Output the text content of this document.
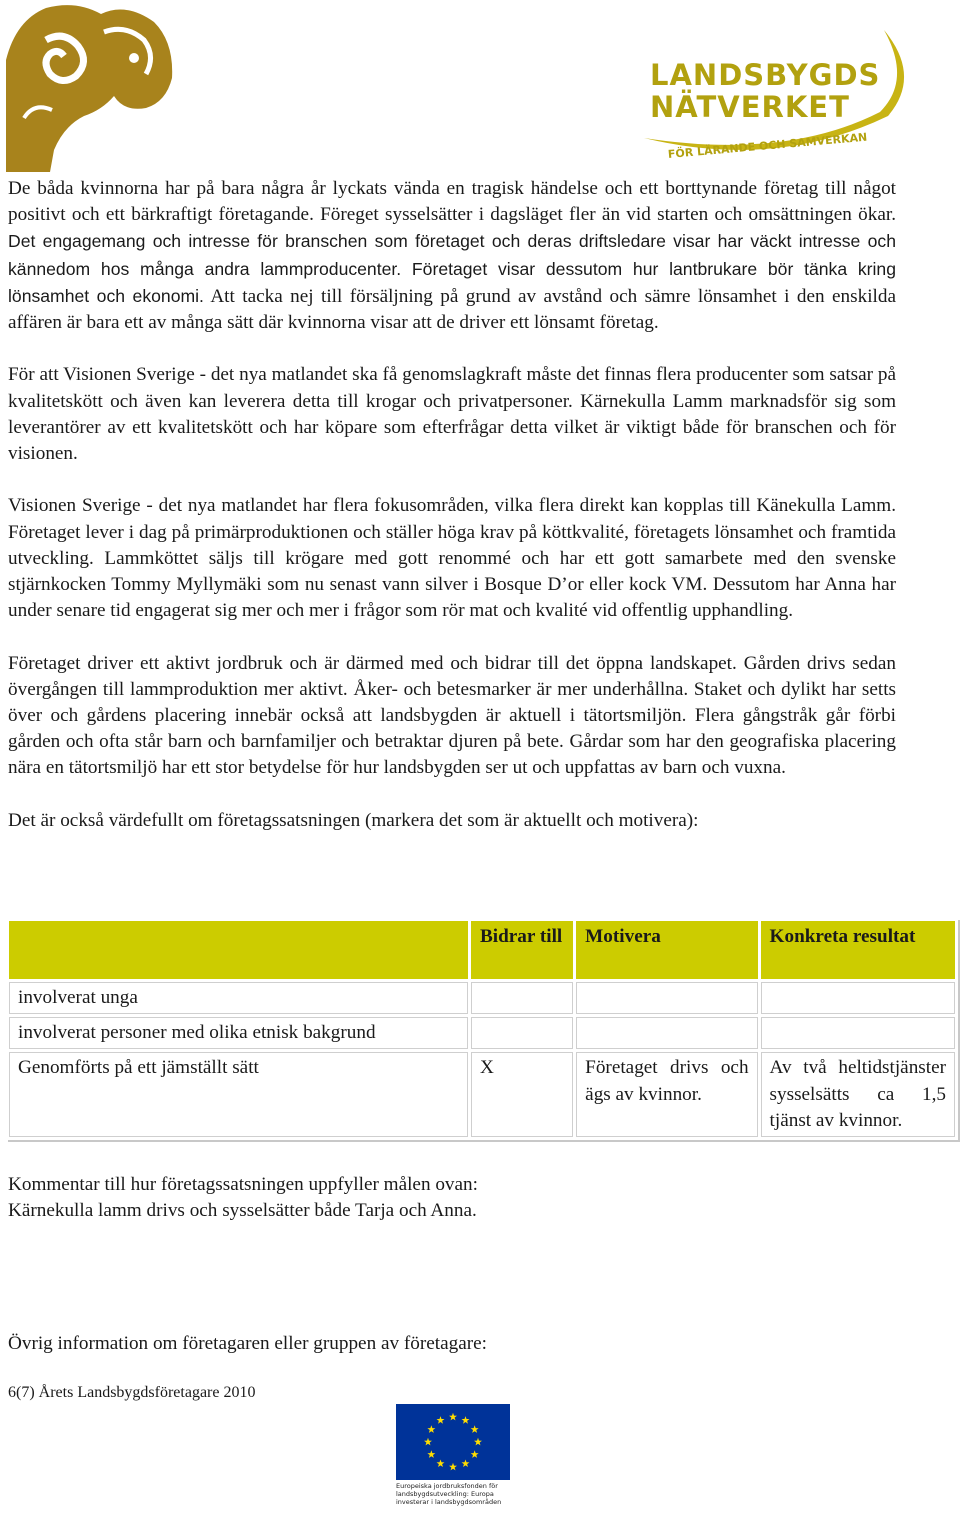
LANDSBYGDS
NÄTVERKET
FÖR LÄRANDE OCH SAMVERKAN

De båda kvinnorna har på bara några år lyckats vända en tragisk händelse och ett borttynande företag till något positivt och ett bärkraftigt företagande. Föreget sysselsätter i dagsläget fler än vid starten och omsättningen ökar. Det engagemang och intresse för branschen som företaget och deras driftsledare visar har väckt intresse och kännedom hos många andra lammproducenter. Företaget visar dessutom hur lantbrukare bör tänka kring lönsamhet och ekonomi. Att tacka nej till försäljning på grund av avstånd och sämre lönsamhet i den enskilda affären är bara ett av många sätt där kvinnorna visar att de driver ett lönsamt företag.

För att Visionen Sverige - det nya matlandet ska få genomslagkraft måste det finnas flera producenter som satsar på kvalitetskött och även kan leverera detta till krogar och privatpersoner. Kärnekulla Lamm marknadsför sig som leverantörer av ett kvalitetskött och har köpare som efterfrågar detta vilket är viktigt både för branschen och för visionen.

Visionen Sverige - det nya matlandet har flera fokusområden, vilka flera direkt kan kopplas till Känekulla Lamm. Företaget lever i dag på primärproduktionen och ställer höga krav på köttkvalité, företagets lönsamhet och framtida utveckling. Lammköttet säljs till krögare med gott renommé och har ett gott samarbete med den svenske stjärnkocken Tommy Myllymäki som nu senast vann silver i Bosque D’or eller kock VM. Dessutom har Anna har under senare tid engagerat sig mer och mer i frågor som rör mat och kvalité vid offentlig upphandling.

Företaget driver ett aktivt jordbruk och är därmed med och bidrar till det öppna landskapet. Gården drivs sedan övergången till lammproduktion mer aktivt. Åker- och betesmarker är mer underhållna. Staket och dylikt har setts över och gårdens placering innebär också att landsbygden är aktuell i tätortsmiljön. Flera gångstråk går förbi gården och ofta står barn och barnfamiljer och betraktar djuren på bete. Gårdar som har den geografiska placering nära en tätortsmiljö har ett stor betydelse för hur landsbygden ser ut och uppfattas av barn och vuxna.

Det är också värdefullt om företagssatsningen (markera det som är aktuellt och motivera):

	Bidrar till	Motivera	Konkreta resultat
involverat unga			
involverat personer med olika etnisk bakgrund			
Genomförts på ett jämställt sätt	X	Företaget drivs och ägs av kvinnor.	Av två heltidstjänster sysselsätts ca 1,5 tjänst av kvinnor.
Kommentar till hur företagssatsningen uppfyller målen ovan:
Kärnekulla lamm drivs och sysselsätter både Tarja och Anna.
Övrig information om företagaren eller gruppen av företagare:
6(7) Årets Landsbygdsföretagare 2010
Europeiska jordbruksfonden för
landsbygdsutveckling: Europa
investerar i landsbygdsområden
